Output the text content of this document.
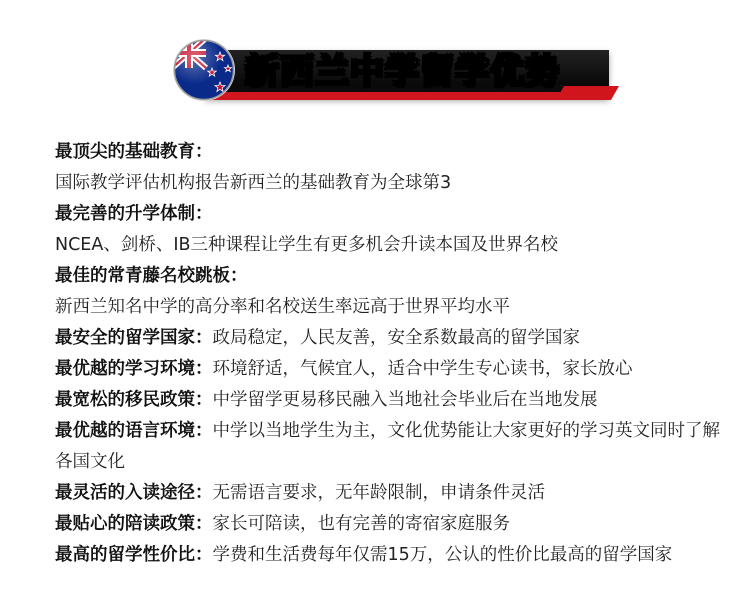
新西兰中学留学优势
最顶尖的基础教育：
国际教学评估机构报告新西兰的基础教育为全球第3
最完善的升学体制：
NCEA、剑桥、IB三种课程让学生有更多机会升读本国及世界名校
最佳的常青藤名校跳板：
新西兰知名中学的高分率和名校送生率远高于世界平均水平
最安全的留学国家：政局稳定，人民友善，安全系数最高的留学国家
最优越的学习环境：环境舒适，气候宜人，适合中学生专心读书，家长放心
最宽松的移民政策：中学留学更易移民融入当地社会毕业后在当地发展
最优越的语言环境：中学以当地学生为主，文化优势能让大家更好的学习英文同时了解各国文化
最灵活的入读途径：无需语言要求，无年龄限制，申请条件灵活
最贴心的陪读政策：家长可陪读，也有完善的寄宿家庭服务
最高的留学性价比：学费和生活费每年仅需15万，公认的性价比最高的留学国家
